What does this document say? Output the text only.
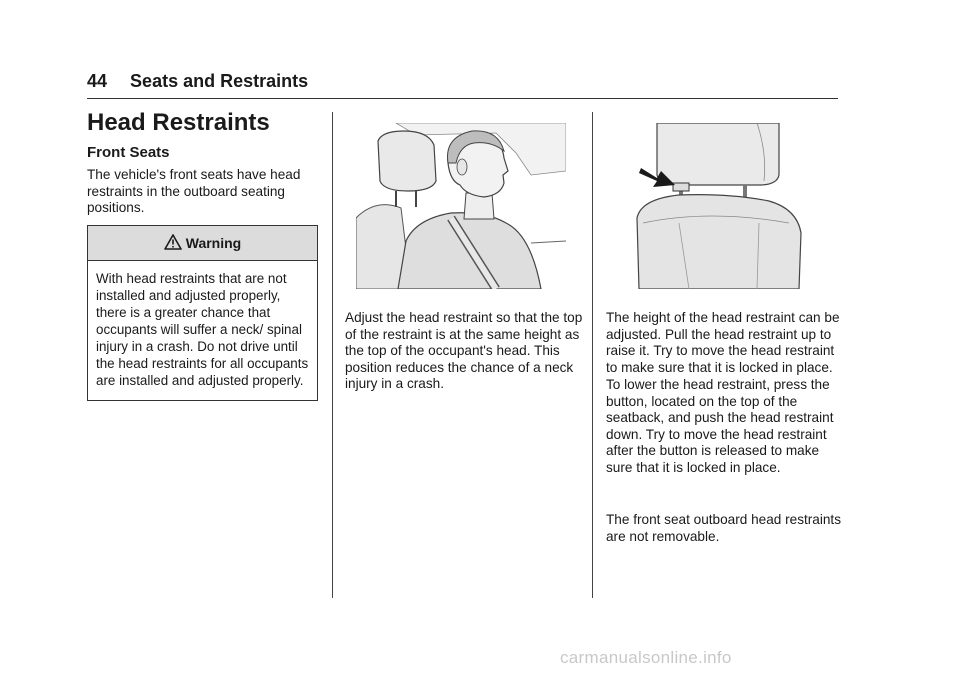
44 Seats and Restraints
Head Restraints
Front Seats
The vehicle's front seats have head restraints in the outboard seating positions.
Warning
With head restraints that are not installed and adjusted properly, there is a greater chance that occupants will suffer a neck/ spinal injury in a crash. Do not drive until the head restraints for all occupants are installed and adjusted properly.
Adjust the head restraint so that the top of the restraint is at the same height as the top of the occupant's head. This position reduces the chance of a neck injury in a crash.
The height of the head restraint can be adjusted. Pull the head restraint up to raise it. Try to move the head restraint to make sure that it is locked in place.
To lower the head restraint, press the button, located on the top of the seatback, and push the head restraint down. Try to move the head restraint after the button is released to make sure that it is locked in place.
The front seat outboard head restraints are not removable.
carmanualsonline.info
